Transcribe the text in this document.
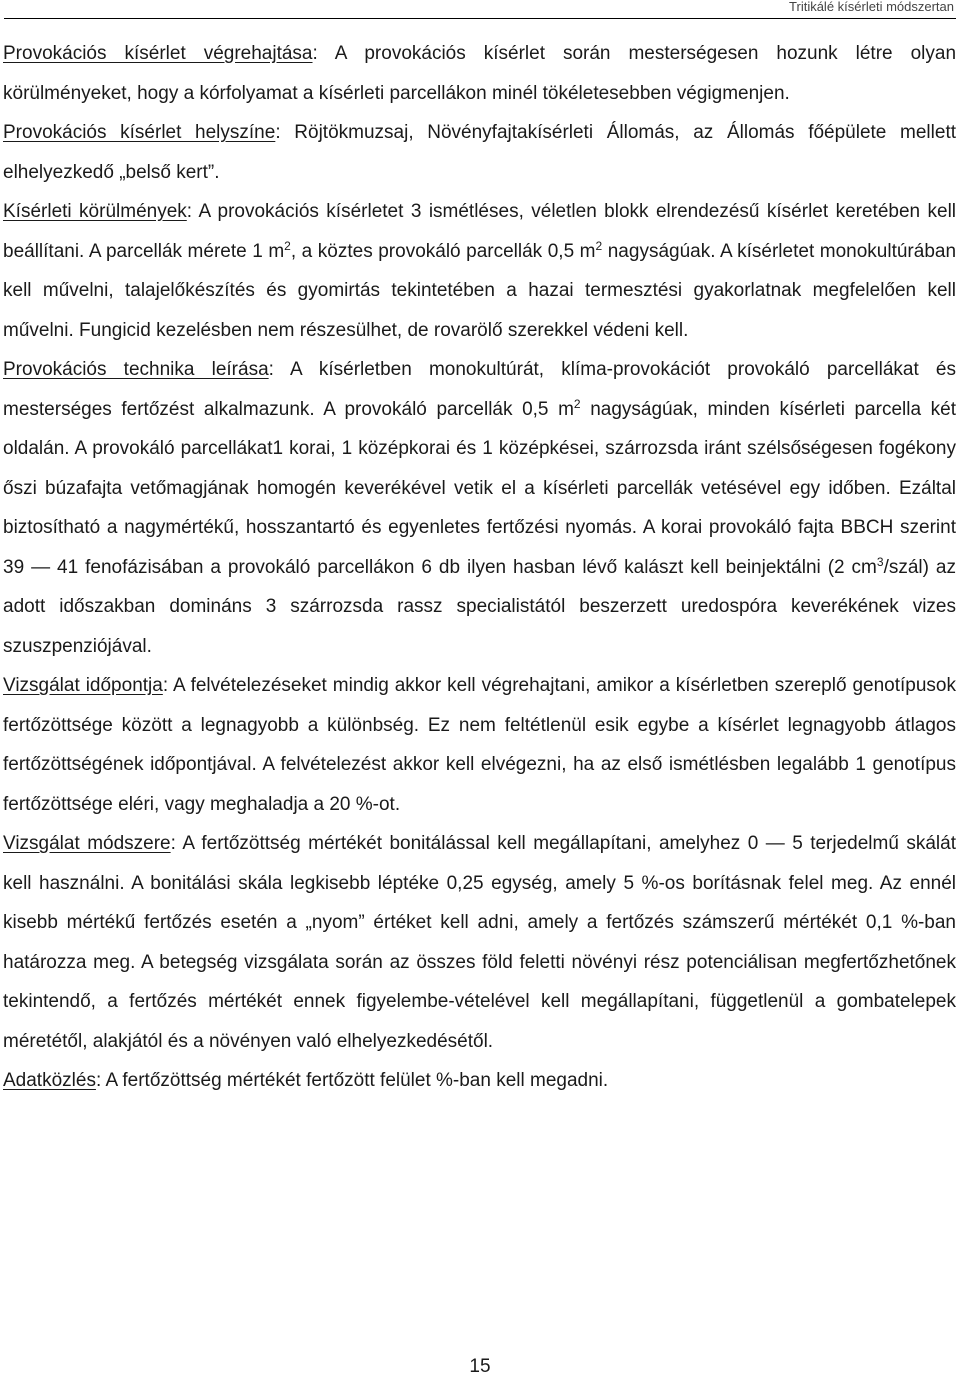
Tritikálé kísérleti módszertan

Provokációs kísérlet végrehajtása: A provokációs kísérlet során mesterségesen hozunk létre olyan körülményeket, hogy a kórfolyamat a kísérleti parcellákon minél tökéletesebben végigmenjen.

Provokációs kísérlet helyszíne: Röjtökmuzsaj, Növényfajtakísérleti Állomás, az Állomás főépülete mellett elhelyezkedő „belső kert”.

Kísérleti körülmények: A provokációs kísérletet 3 ismétléses, véletlen blokk elrendezésű kísérlet keretében kell beállítani. A parcellák mérete 1 $m^2$, a köztes provokáló parcellák 0,5 $m^2$ nagyságúak. A kísérletet monokultúrában kell művelni, talajelőkészítés és gyomirtás tekintetében a hazai termesztési gyakorlatnak megfelelően kell művelni. Fungicid kezelésben nem részesülhet, de rovarölő szerekkel védeni kell.

Provokációs technika leírása: A kísérletben monokultúrát, klíma-provokációt provokáló parcellákat és mesterséges fertőzést alkalmazunk. A provokáló parcellák 0,5 $m^2$ nagyságúak, minden kísérleti parcella két oldalán. A provokáló parcellákat1 korai, 1 középkorai és 1 középkései, szárrozsda iránt szélsőségesen fogékony őszi búzafajta vetőmagjának homogén keverékével vetik el a kísérleti parcellák vetésével egy időben. Ezáltal biztosítható a nagymértékű, hosszantartó és egyenletes fertőzési nyomás. A korai provokáló fajta BBCH szerint 39 — 41 fenofázisában a provokáló parcellákon 6 db ilyen hasban lévő kalászt kell beinjektálni (2 $cm^3/szál$) az adott időszakban domináns 3 szárrozsda rassz specialistától beszerzett uredospóra keverékének vizes szuszpenziójával.

Vizsgálat időpontja: A felvételezéseket mindig akkor kell végrehajtani, amikor a kísérletben szereplő genotípusok fertőzöttsége között a legnagyobb a különbség. Ez nem feltétlenül esik egybe a kísérlet legnagyobb átlagos fertőzöttségének időpontjával. A felvételezést akkor kell elvégezni, ha az első ismétlésben legalább 1 genotípus fertőzöttsége eléri, vagy meghaladja a 20 %-ot.

Vizsgálat módszere: A fertőzöttség mértékét bonitálással kell megállapítani, amelyhez 0 — 5 terjedelmű skálát kell használni. A bonitálási skála legkisebb léptéke 0,25 egység, amely 5 %-os borításnak felel meg. Az ennél kisebb mértékű fertőzés esetén a „nyom” értéket kell adni, amely a fertőzés számszerű mértékét 0,1 %-ban határozza meg. A betegség vizsgálata során az összes föld feletti növényi rész potenciálisan megfertőzhetőnek tekintendő, a fertőzés mértékét ennek figyelembe-vételével kell megállapítani, függetlenül a gombatelepek méretétől, alakjától és a növényen való elhelyezkedésétől.

Adatközlés: A fertőzöttség mértékét fertőzött felület %-ban kell megadni.

15
